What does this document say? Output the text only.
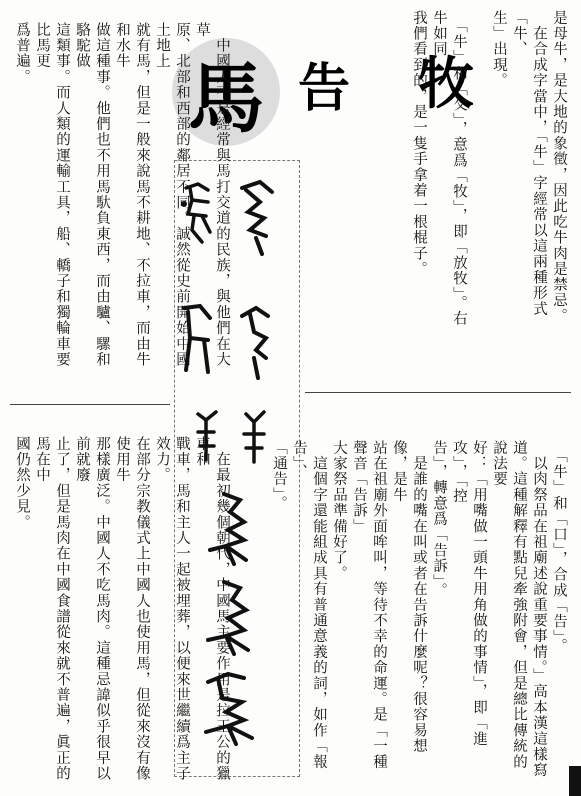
牧
告
馬	是母牛，是大地的象徵，因此吃牛肉是禁忌。
　在合成字當中，「牛」字經常以這兩種形式「牛、
生」出現。

　「牛」和「攵」，意爲「牧」，即「放牧」。右牛如同
我們看到的，是一隻手拿着一根棍子。
　「牛」和「口」，合成「告」。
　以肉祭品在祖廟述說重要事情。」高本漢這樣寫
道。這種解釋有點兒牽強附會，但是總比傳統的說法要
好：「用嘴做一頭牛用角做的事情」，即「進攻」，「控
告」，轉意爲「告訴」。
　是誰的嘴在叫或者在告訴什麼呢？很容易想像，是牛
站在祖廟外面哞叫，等待不幸的命運。是「一種聲音「告訴」
大家祭品準備好了。
　這個字還能組成具有普通意義的詞，如作「報告」、
「通告」。
　中國人不是經常與馬打交道的民族，與他們在大草
原、北部和西部的鄰居不同。誠然從史前開始中國土地上
就有馬，但是一般來說馬不耕地、不拉車，而由牛和水牛
做這種事。他們也不用馬馱負東西，而由驢、騾和駱駝做
這類事。而人類的運輸工具，船、轎子和獨輪車要比馬更
爲普遍。
　在最初幾個朝代，中國馬主要作用是拉王公的獵車和
戰車，馬和主人一起被埋葬，以便來世繼續爲主子效力。
在部分宗教儀式上中國人也使用馬，但從來沒有像使用牛
那樣廣泛。中國人不吃馬肉。這種忌諱似乎很早以前就廢
止了，但是馬肉在中國食譜從來就不普遍，眞正的馬在中
國仍然少見。
